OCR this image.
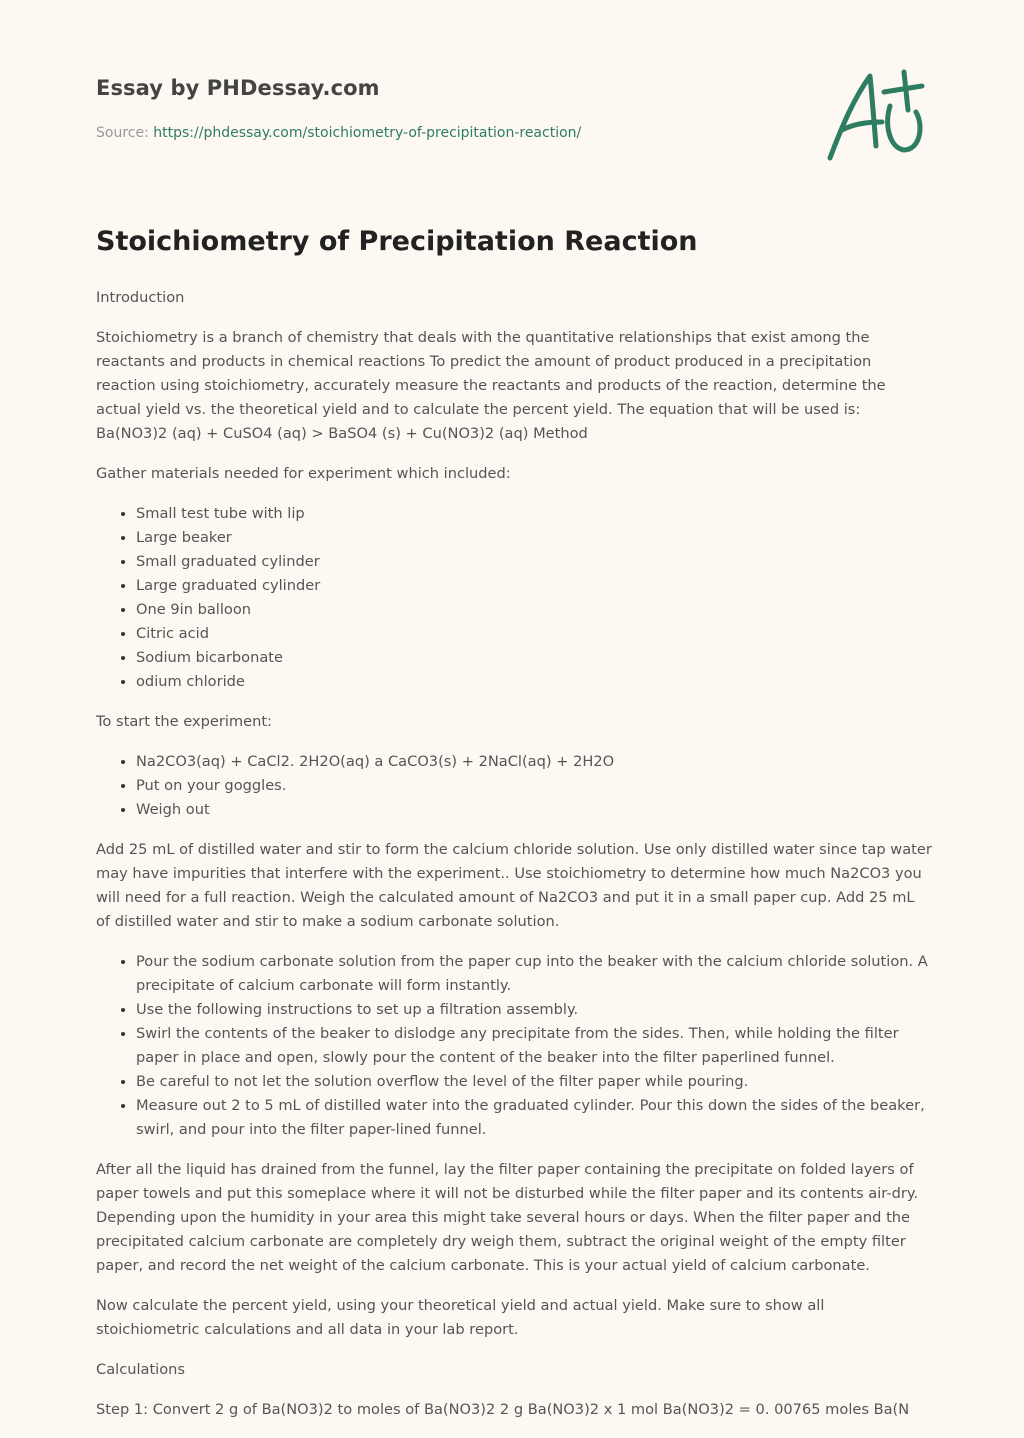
Essay by PHDessay.com
Source: https://phdessay.com/stoichiometry-of-precipitation-reaction/
Stoichiometry of Precipitation Reaction

Introduction

Stoichiometry is a branch of chemistry that deals with the quantitative relationships that exist among the reactants and products in chemical reactions To predict the amount of product produced in a precipitation reaction using stoichiometry, accurately measure the reactants and products of the reaction, determine the actual yield vs. the theoretical yield and to calculate the percent yield. The equation that will be used is: Ba(NO3)2 (aq) + CuSO4 (aq) > BaSO4 (s) + Cu(NO3)2 (aq) Method

Gather materials needed for experiment which included:

• Small test tube with lip
• Large beaker
• Small graduated cylinder
• Large graduated cylinder
• One 9in balloon
• Citric acid
• Sodium bicarbonate
• odium chloride

To start the experiment:

• Na2CO3(aq) + CaCl2. 2H2O(aq) a CaCO3(s) + 2NaCl(aq) + 2H2O
• Put on your goggles.
• Weigh out

Add 25 mL of distilled water and stir to form the calcium chloride solution. Use only distilled water since tap water may have impurities that interfere with the experiment.. Use stoichiometry to determine how much Na2CO3 you will need for a full reaction. Weigh the calculated amount of Na2CO3 and put it in a small paper cup. Add 25 mL of distilled water and stir to make a sodium carbonate solution.

• Pour the sodium carbonate solution from the paper cup into the beaker with the calcium chloride solution. A precipitate of calcium carbonate will form instantly.
• Use the following instructions to set up a filtration assembly.
• Swirl the contents of the beaker to dislodge any precipitate from the sides. Then, while holding the filter paper in place and open, slowly pour the content of the beaker into the filter paperlined funnel.
• Be careful to not let the solution overflow the level of the filter paper while pouring.
• Measure out 2 to 5 mL of distilled water into the graduated cylinder. Pour this down the sides of the beaker, swirl, and pour into the filter paper-lined funnel.

After all the liquid has drained from the funnel, lay the filter paper containing the precipitate on folded layers of paper towels and put this someplace where it will not be disturbed while the filter paper and its contents air-dry. Depending upon the humidity in your area this might take several hours or days. When the filter paper and the precipitated calcium carbonate are completely dry weigh them, subtract the original weight of the empty filter paper, and record the net weight of the calcium carbonate. This is your actual yield of calcium carbonate.

Now calculate the percent yield, using your theoretical yield and actual yield. Make sure to show all stoichiometric calculations and all data in your lab report.

Calculations

Step 1: Convert 2 g of Ba(NO3)2 to moles of Ba(NO3)2 2 g Ba(NO3)2 x 1 mol Ba(NO3)2 = 0. 00765 moles Ba(N
